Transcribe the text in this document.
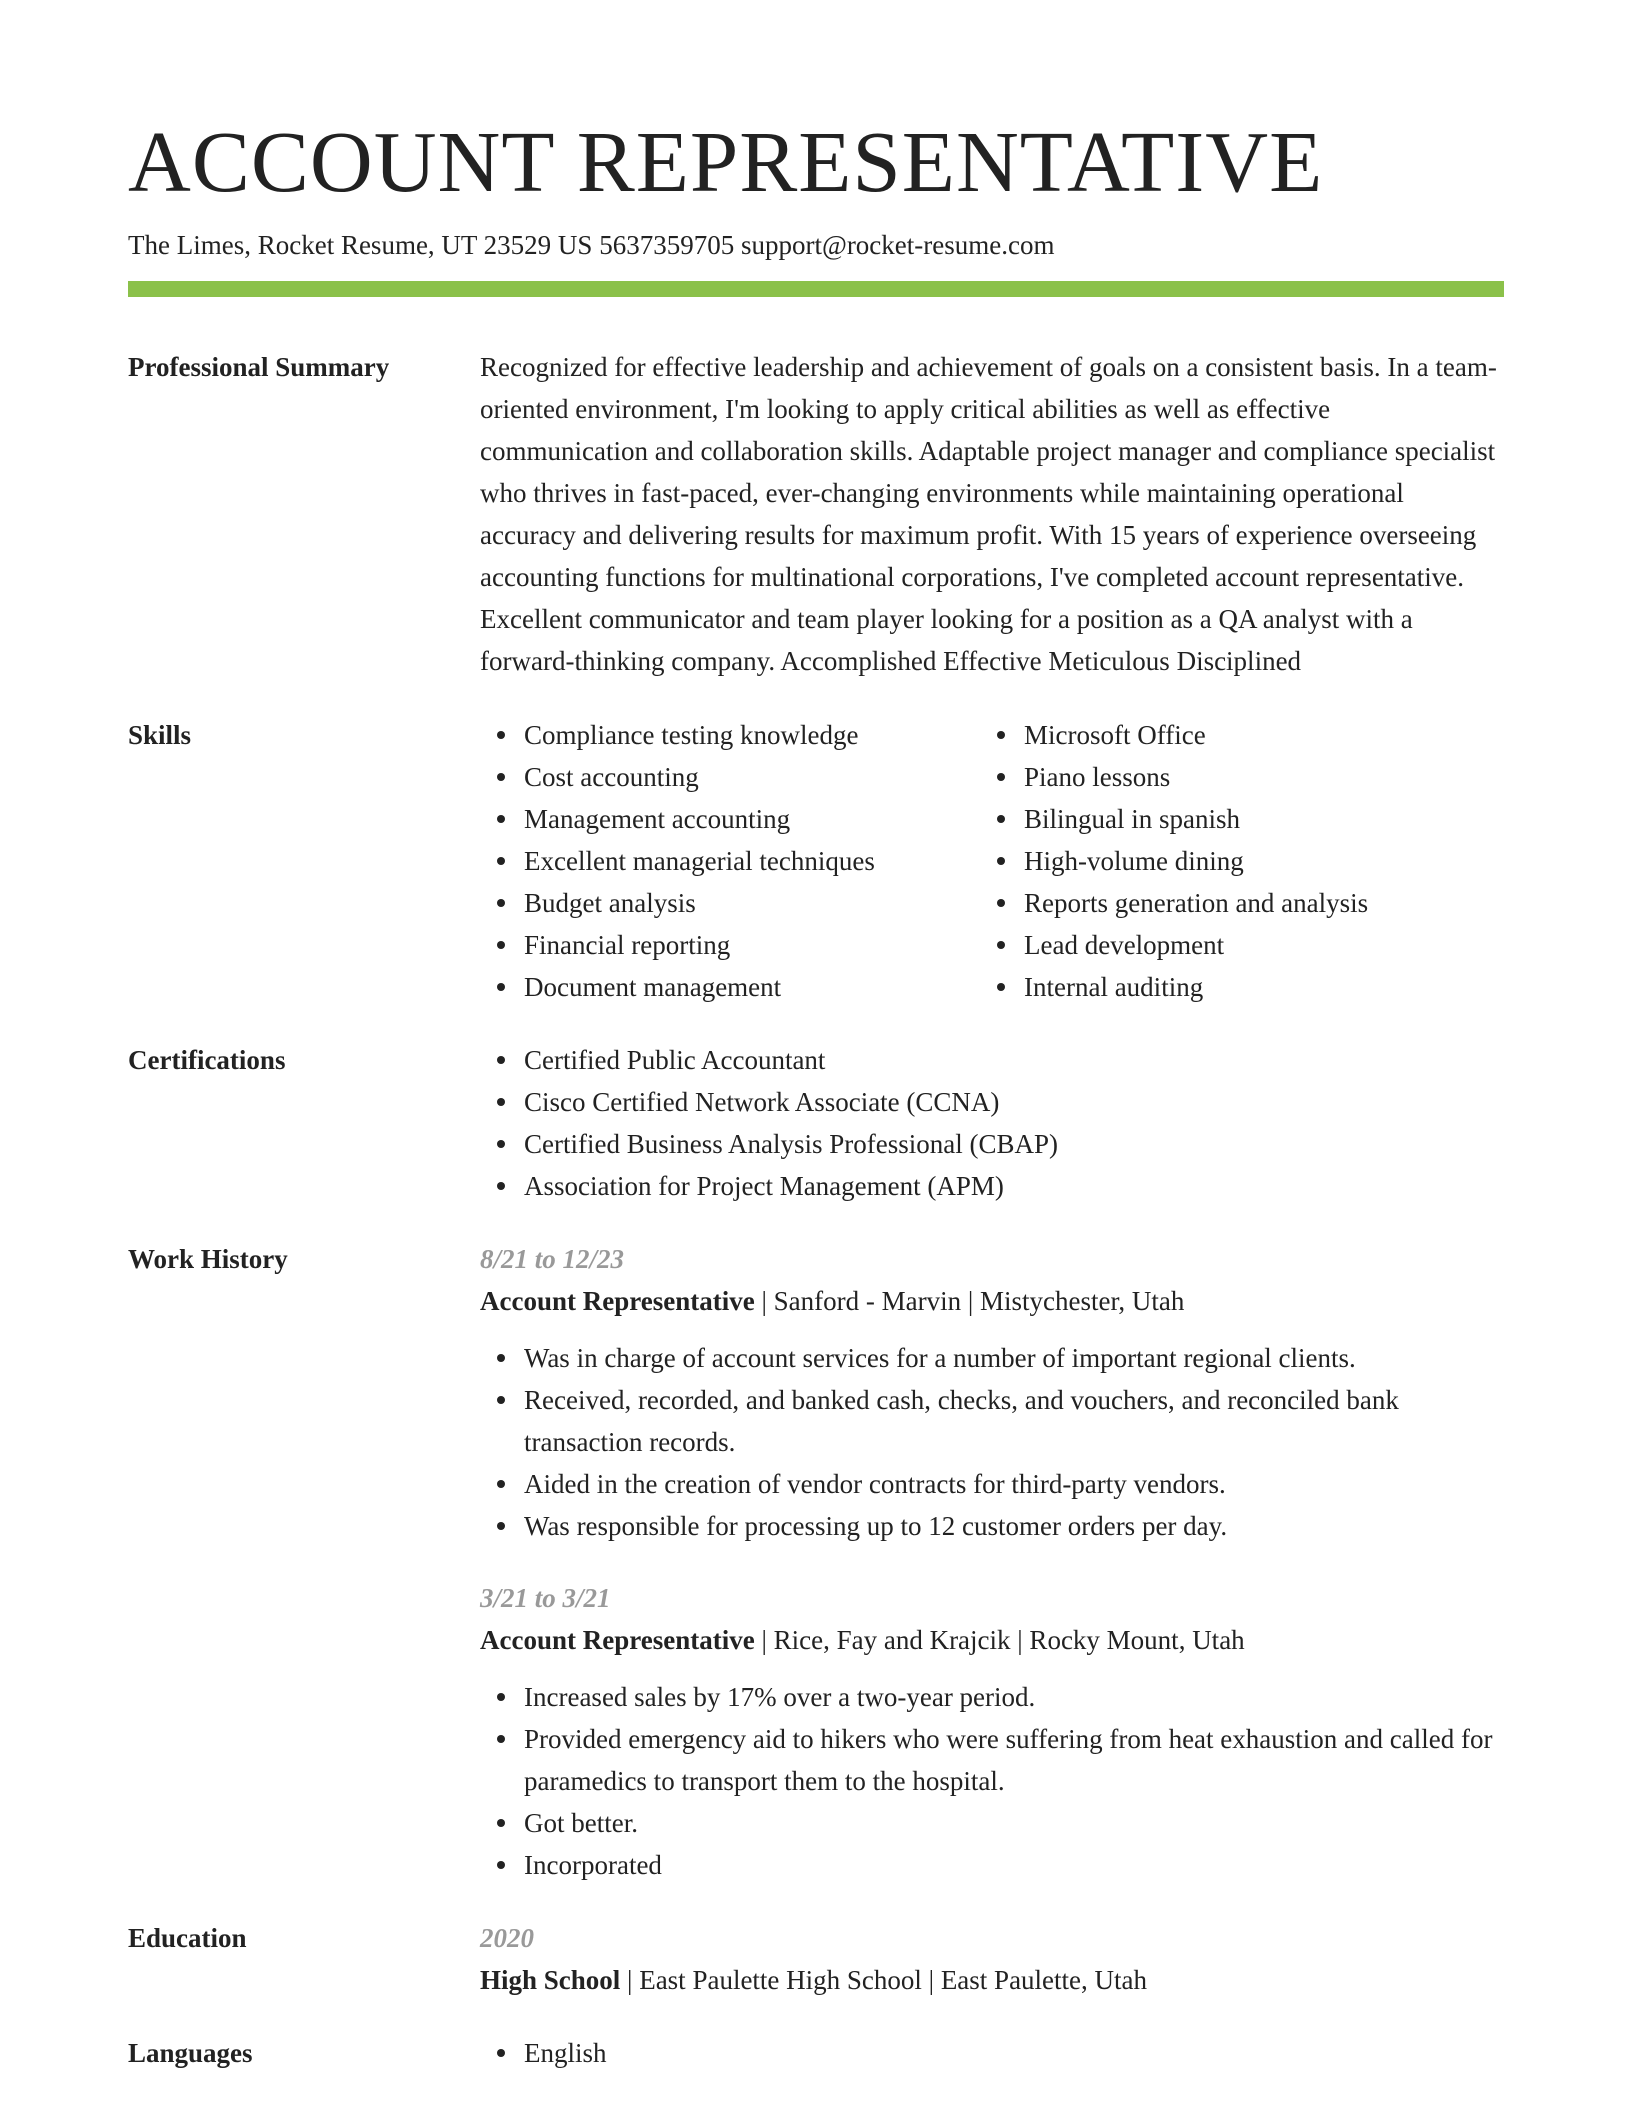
ACCOUNT REPRESENTATIVE
The Limes, Rocket Resume, UT 23529 US 5637359705 support@rocket-resume.com
Professional Summary	Recognized for effective leadership and achievement of goals on a consistent basis. In a team-oriented environment, I'm looking to apply critical abilities as well as effective communication and collaboration skills. Adaptable project manager and compliance specialist who thrives in fast-paced, ever-changing environments while maintaining operational accuracy and delivering results for maximum profit. With 15 years of experience overseeing accounting functions for multinational corporations, I've completed account representative. Excellent communicator and team player looking for a position as a QA analyst with a forward-thinking company. Accomplished Effective Meticulous Disciplined

Skills	Compliance testing knowledge
Cost accounting
Management accounting
Excellent managerial techniques
Budget analysis
Financial reporting
Document management
Microsoft Office
Piano lessons
Bilingual in spanish
High-volume dining
Reports generation and analysis
Lead development
Internal auditing
Certifications	Certified Public Accountant
Cisco Certified Network Associate (CCNA)
Certified Business Analysis Professional (CBAP)
Association for Project Management (APM)
Work History	8/21 to 12/23
Account Representative | Sanford - Marvin | Mistychester, Utah
Was in charge of account services for a number of important regional clients.
Received, recorded, and banked cash, checks, and vouchers, and reconciled bank transaction records.
Aided in the creation of vendor contracts for third-party vendors.
Was responsible for processing up to 12 customer orders per day.
3/21 to 3/21
Account Representative | Rice, Fay and Krajcik | Rocky Mount, Utah
Increased sales by 17% over a two-year period.
Provided emergency aid to hikers who were suffering from heat exhaustion and called for paramedics to transport them to the hospital.
Got better.
Incorporated
Education	2020
High School | East Paulette High School | East Paulette, Utah
Languages	English
